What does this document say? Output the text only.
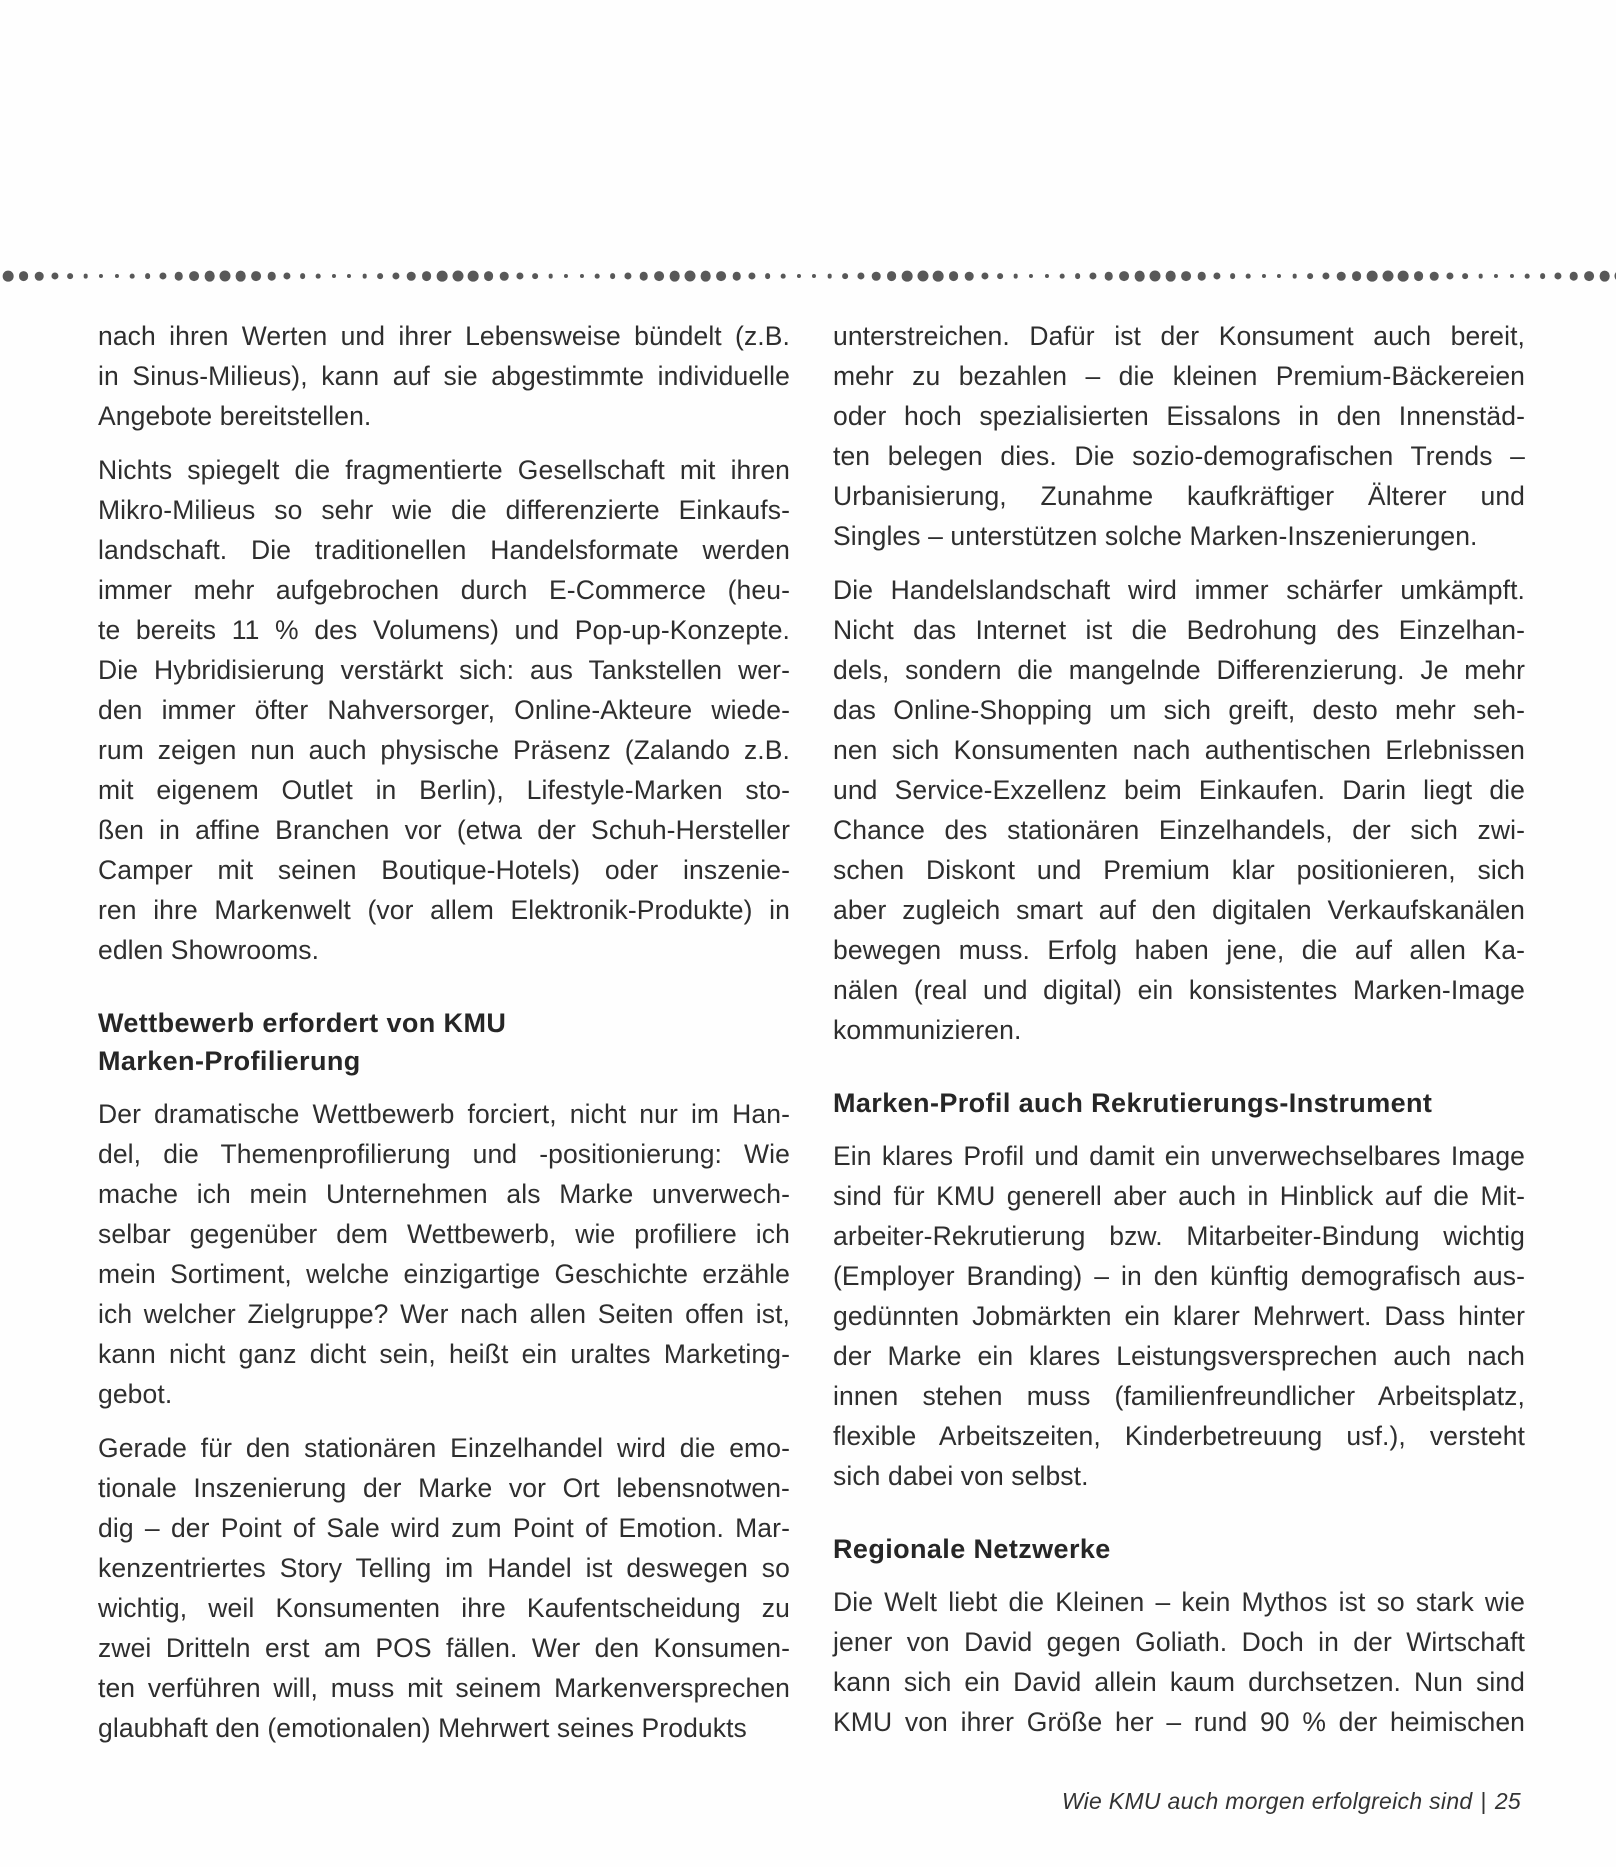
nach ihren Werten und ihrer Lebensweise bündelt (z.B.
in Sinus-Milieus), kann auf sie abgestimmte individuelle
Angebote bereitstellen.
Nichts spiegelt die fragmentierte Gesellschaft mit ihren
Mikro-Milieus so sehr wie die differenzierte Einkaufs-
landschaft. Die traditionellen Handelsformate werden
immer mehr aufgebrochen durch E-Commerce (heu-
te bereits 11 % des Volumens) und Pop-up-Konzepte.
Die Hybridisierung verstärkt sich: aus Tankstellen wer-
den immer öfter Nahversorger, Online-Akteure wiede-
rum zeigen nun auch physische Präsenz (Zalando z.B.
mit eigenem Outlet in Berlin), Lifestyle-Marken sto-
ßen in affine Branchen vor (etwa der Schuh-Hersteller
Camper mit seinen Boutique-Hotels) oder inszenie-
ren ihre Markenwelt (vor allem Elektronik-Produkte) in
edlen Showrooms.
Wettbewerb erfordert von KMU
Marken-Profilierung
Der dramatische Wettbewerb forciert, nicht nur im Han-
del, die Themenprofilierung und -positionierung: Wie
mache ich mein Unternehmen als Marke unverwech-
selbar gegenüber dem Wettbewerb, wie profiliere ich
mein Sortiment, welche einzigartige Geschichte erzähle
ich welcher Zielgruppe? Wer nach allen Seiten offen ist,
kann nicht ganz dicht sein, heißt ein uraltes Marketing-
gebot.
Gerade für den stationären Einzelhandel wird die emo-
tionale Inszenierung der Marke vor Ort lebensnotwen-
dig – der Point of Sale wird zum Point of Emotion. Mar-
kenzentriertes Story Telling im Handel ist deswegen so
wichtig, weil Konsumenten ihre Kaufentscheidung zu
zwei Dritteln erst am POS fällen. Wer den Konsumen-
ten verführen will, muss mit seinem Markenversprechen
glaubhaft den (emotionalen) Mehrwert seines Produkts
unterstreichen. Dafür ist der Konsument auch bereit,
mehr zu bezahlen – die kleinen Premium-Bäckereien
oder hoch spezialisierten Eissalons in den Innenstäd-
ten belegen dies. Die sozio-demografischen Trends –
Urbanisierung, Zunahme kaufkräftiger Älterer und
Singles – unterstützen solche Marken-Inszenierungen.
Die Handelslandschaft wird immer schärfer umkämpft.
Nicht das Internet ist die Bedrohung des Einzelhan-
dels, sondern die mangelnde Differenzierung. Je mehr
das Online-Shopping um sich greift, desto mehr seh-
nen sich Konsumenten nach authentischen Erlebnissen
und Service-Exzellenz beim Einkaufen. Darin liegt die
Chance des stationären Einzelhandels, der sich zwi-
schen Diskont und Premium klar positionieren, sich
aber zugleich smart auf den digitalen Verkaufskanälen
bewegen muss. Erfolg haben jene, die auf allen Ka-
nälen (real und digital) ein konsistentes Marken-Image
kommunizieren.
Marken-Profil auch Rekrutierungs-Instrument
Ein klares Profil und damit ein unverwechselbares Image
sind für KMU generell aber auch in Hinblick auf die Mit-
arbeiter-Rekrutierung bzw. Mitarbeiter-Bindung wichtig
(Employer Branding) – in den künftig demografisch aus-
gedünnten Jobmärkten ein klarer Mehrwert. Dass hinter
der Marke ein klares Leistungsversprechen auch nach
innen stehen muss (familienfreundlicher Arbeitsplatz,
flexible Arbeitszeiten, Kinderbetreuung usf.), versteht
sich dabei von selbst.
Regionale Netzwerke
Die Welt liebt die Kleinen – kein Mythos ist so stark wie
jener von David gegen Goliath. Doch in der Wirtschaft
kann sich ein David allein kaum durchsetzen. Nun sind
KMU von ihrer Größe her – rund 90 % der heimischen
Wie KMU auch morgen erfolgreich sind | 25
